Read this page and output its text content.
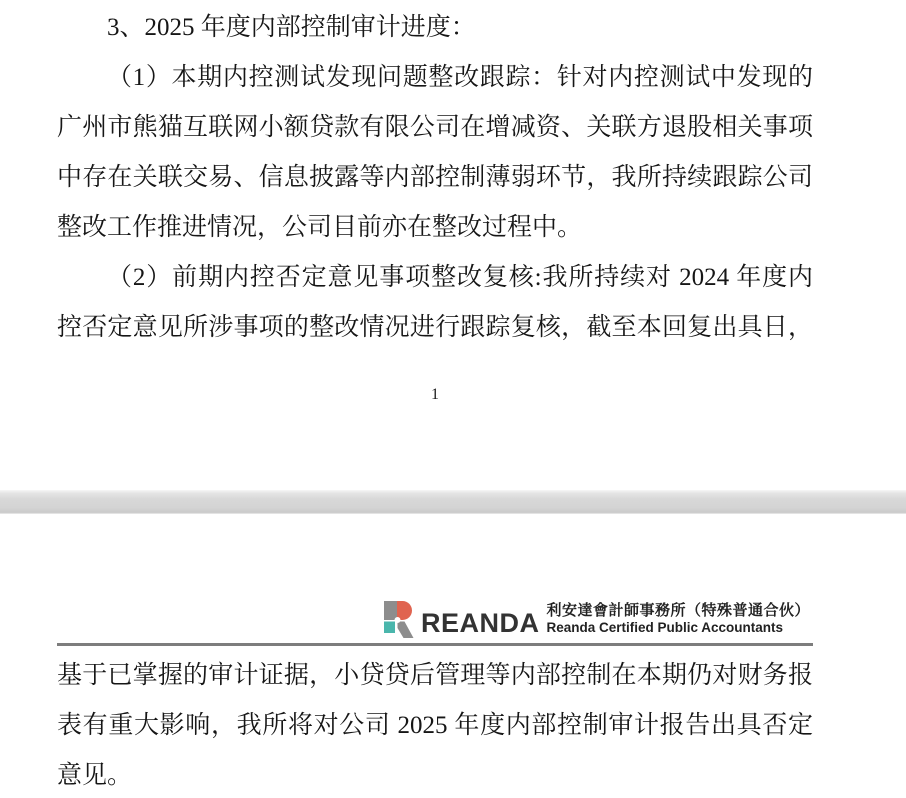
3、2025 年度内部控制审计进度：
（1）本期内控测试发现问题整改跟踪：针对内控测试中发现的
广州市熊猫互联网小额贷款有限公司在增减资、关联方退股相关事项
中存在关联交易、信息披露等内部控制薄弱环节，我所持续跟踪公司
整改工作推进情况，公司目前亦在整改过程中。
（2）前期内控否定意见事项整改复核:我所持续对 2024 年度内
控否定意见所涉事项的整改情况进行跟踪复核，截至本回复出具日，
1
REANDA 利安達會計師事務所（特殊普通合伙）
Reanda Certified Public Accountants
基于已掌握的审计证据，小贷贷后管理等内部控制在本期仍对财务报
表有重大影响，我所将对公司 2025 年度内部控制审计报告出具否定
意见。
